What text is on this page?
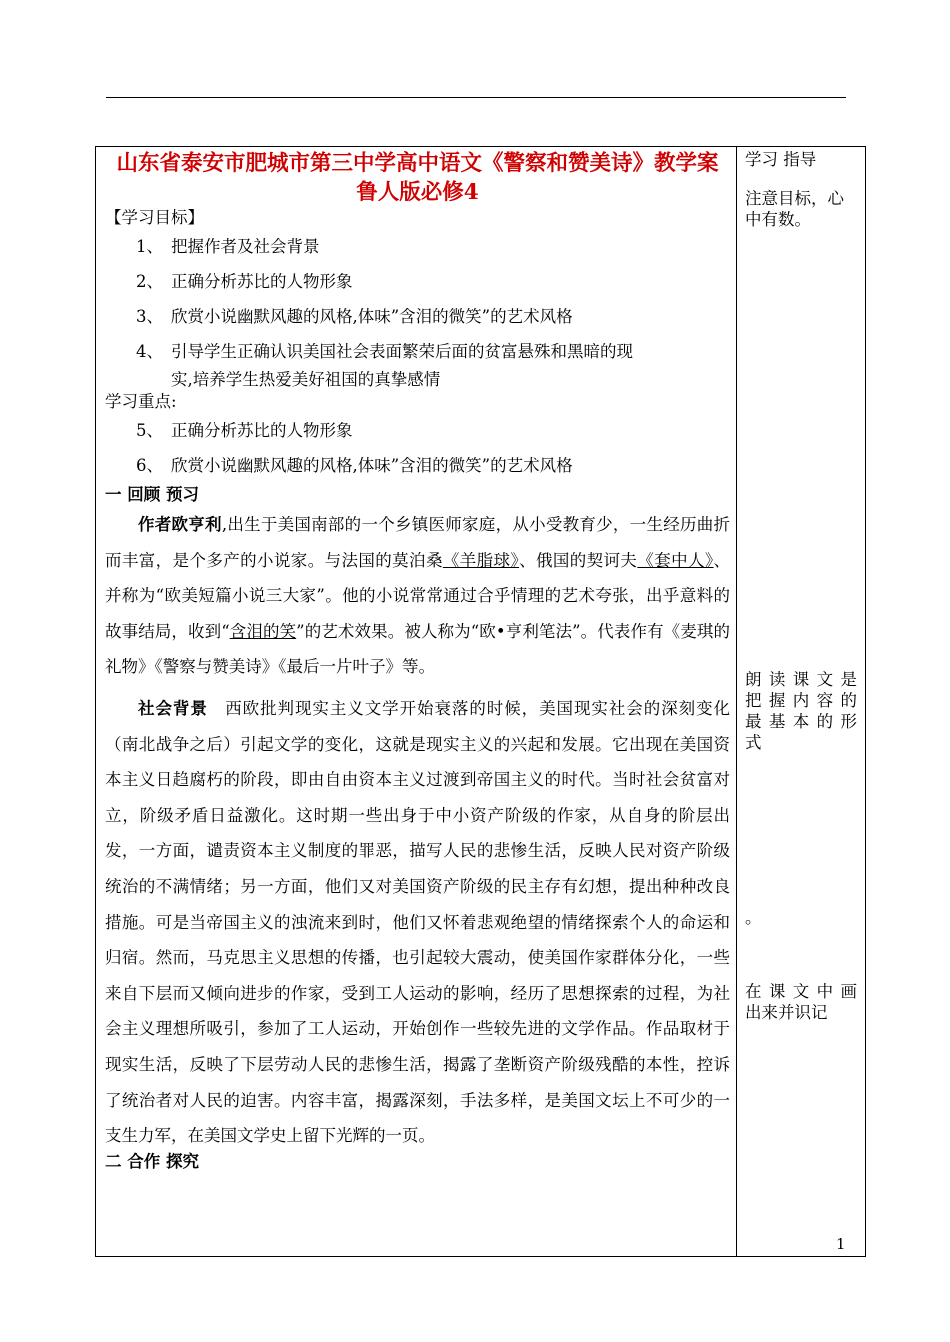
山东省泰安市肥城市第三中学高中语文《警察和赞美诗》教学案 鲁人版必修4

【学习目标】

1、 把握作者及社会背景
2、 正确分析苏比的人物形象
3、 欣赏小说幽默风趣的风格,体味”含泪的微笑”的艺术风格
4、 引导学生正确认识美国社会表面繁荣后面的贫富悬殊和黑暗的现
实,培养学生热爱美好祖国的真挚感情

学习重点:

5、 正确分析苏比的人物形象
6、 欣赏小说幽默风趣的风格,体味”含泪的微笑”的艺术风格

一 回顾 预习

作者欧亨利,出生于美国南部的一个乡镇医师家庭，从小受教育少，一生经历曲折而丰富，是个多产的小说家。与法国的莫泊桑《羊脂球》、俄国的契诃夫《套中人》、并称为“欧美短篇小说三大家”。他的小说常常通过合乎情理的艺术夸张，出乎意料的故事结局，收到“含泪的笑”的艺术效果。被人称为“欧•亨利笔法”。代表作有《麦琪的礼物》《警察与赞美诗》《最后一片叶子》等。

社会背景　西欧批判现实主义文学开始衰落的时候，美国现实社会的深刻变化（南北战争之后）引起文学的变化，这就是现实主义的兴起和发展。它出现在美国资本主义日趋腐朽的阶段，即由自由资本主义过渡到帝国主义的时代。当时社会贫富对立，阶级矛盾日益激化。这时期一些出身于中小资产阶级的作家，从自身的阶层出发，一方面，谴责资本主义制度的罪恶，描写人民的悲惨生活，反映人民对资产阶级统治的不满情绪；另一方面，他们又对美国资产阶级的民主存有幻想，提出种种改良措施。可是当帝国主义的浊流来到时，他们又怀着悲观绝望的情绪探索个人的命运和归宿。然而，马克思主义思想的传播，也引起较大震动，使美国作家群体分化，一些来自下层而又倾向进步的作家，受到工人运动的影响，经历了思想探索的过程，为社会主义理想所吸引，参加了工人运动，开始创作一些较先进的文学作品。作品取材于现实生活，反映了下层劳动人民的悲惨生活，揭露了垄断资产阶级残酷的本性，控诉了统治者对人民的迫害。内容丰富，揭露深刻，手法多样，是美国文坛上不可少的一支生力军，在美国文学史上留下光辉的一页。

二 合作 探究

学习 指导

注意目标，心中有数。

朗读课文是
把握内容的
最基本的形
式
。
在课文中画
出来并识记
1
